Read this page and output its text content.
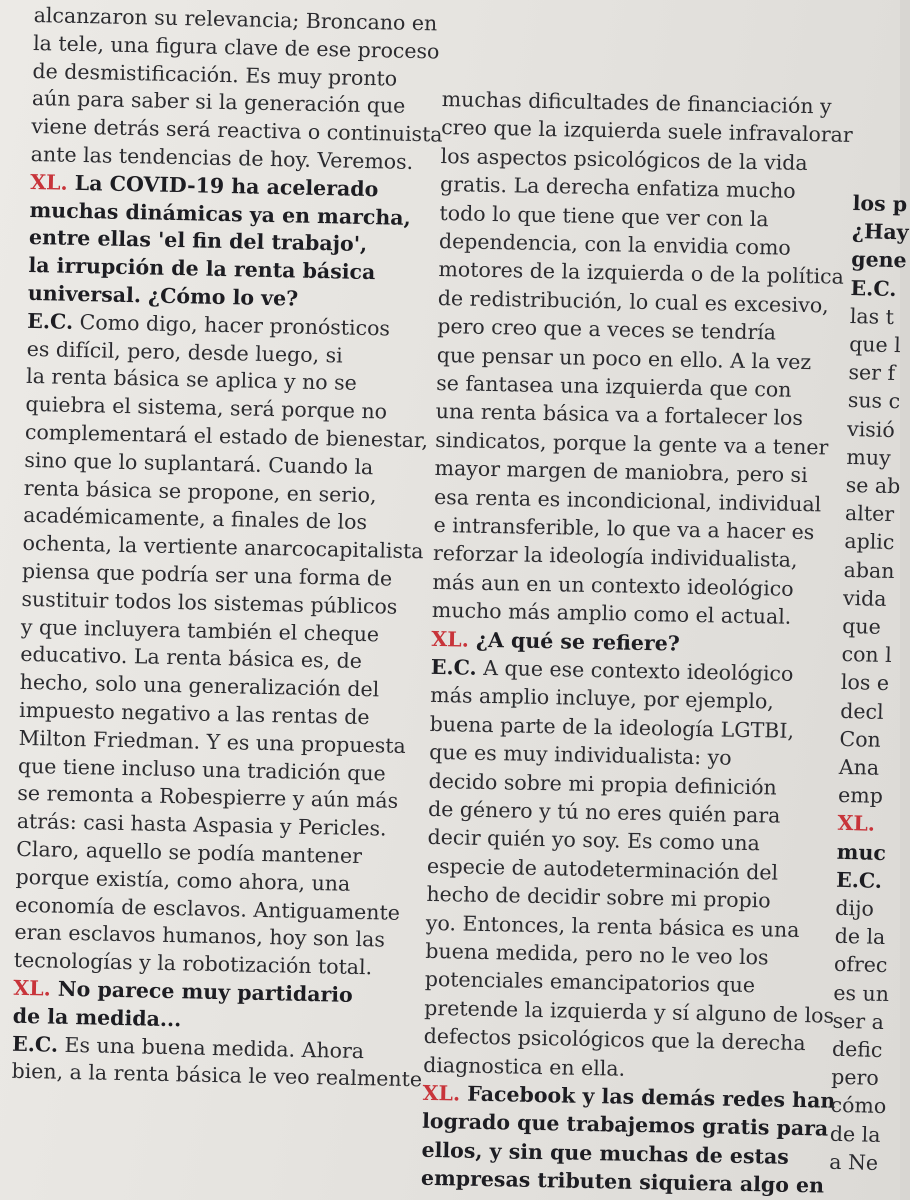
alcanzaron su relevancia; Broncano en
la tele, una figura clave de ese proceso
de desmistificación. Es muy pronto
aún para saber si la generación que
viene detrás será reactiva o continuista
ante las tendencias de hoy. Veremos.
XL. La COVID-19 ha acelerado
muchas dinámicas ya en marcha,
entre ellas 'el fin del trabajo',
la irrupción de la renta básica
universal. ¿Cómo lo ve?
E.C. Como digo, hacer pronósticos
es difícil, pero, desde luego, si
la renta básica se aplica y no se
quiebra el sistema, será porque no
complementará el estado de bienestar,
sino que lo suplantará. Cuando la
renta básica se propone, en serio,
académicamente, a finales de los
ochenta, la vertiente anarcocapitalista
piensa que podría ser una forma de
sustituir todos los sistemas públicos
y que incluyera también el cheque
educativo. La renta básica es, de
hecho, solo una generalización del
impuesto negativo a las rentas de
Milton Friedman. Y es una propuesta
que tiene incluso una tradición que
se remonta a Robespierre y aún más
atrás: casi hasta Aspasia y Pericles.
Claro, aquello se podía mantener
porque existía, como ahora, una
economía de esclavos. Antiguamente
eran esclavos humanos, hoy son las
tecnologías y la robotización total.
XL. No parece muy partidario
de la medida...
E.C. Es una buena medida. Ahora
bien, a la renta básica le veo realmente
muchas dificultades de financiación y
creo que la izquierda suele infravalorar
los aspectos psicológicos de la vida
gratis. La derecha enfatiza mucho
todo lo que tiene que ver con la
dependencia, con la envidia como
motores de la izquierda o de la política
de redistribución, lo cual es excesivo,
pero creo que a veces se tendría
que pensar un poco en ello. A la vez
se fantasea una izquierda que con
una renta básica va a fortalecer los
sindicatos, porque la gente va a tener
mayor margen de maniobra, pero si
esa renta es incondicional, individual
e intransferible, lo que va a hacer es
reforzar la ideología individualista,
más aun en un contexto ideológico
mucho más amplio como el actual.
XL. ¿A qué se refiere?
E.C. A que ese contexto ideológico
más amplio incluye, por ejemplo,
buena parte de la ideología LGTBI,
que es muy individualista: yo
decido sobre mi propia definición
de género y tú no eres quién para
decir quién yo soy. Es como una
especie de autodeterminación del
hecho de decidir sobre mi propio
yo. Entonces, la renta básica es una
buena medida, pero no le veo los
potenciales emancipatorios que
pretende la izquierda y sí alguno de los
defectos psicológicos que la derecha
diagnostica en ella.
XL. Facebook y las demás redes han
logrado que trabajemos gratis para
ellos, y sin que muchas de estas
empresas tributen siquiera algo en
los p
¿Hay
gene
E.C.
las t
que l
ser f
sus c
visió
muy
se ab
alter
aplic
aban
vida
que
con l
los e
decl
Con
Ana
emp
XL.
muc
E.C.
dijo
de la
ofrec
es un
ser a
defic
pero
cómo
de la
a Ne
